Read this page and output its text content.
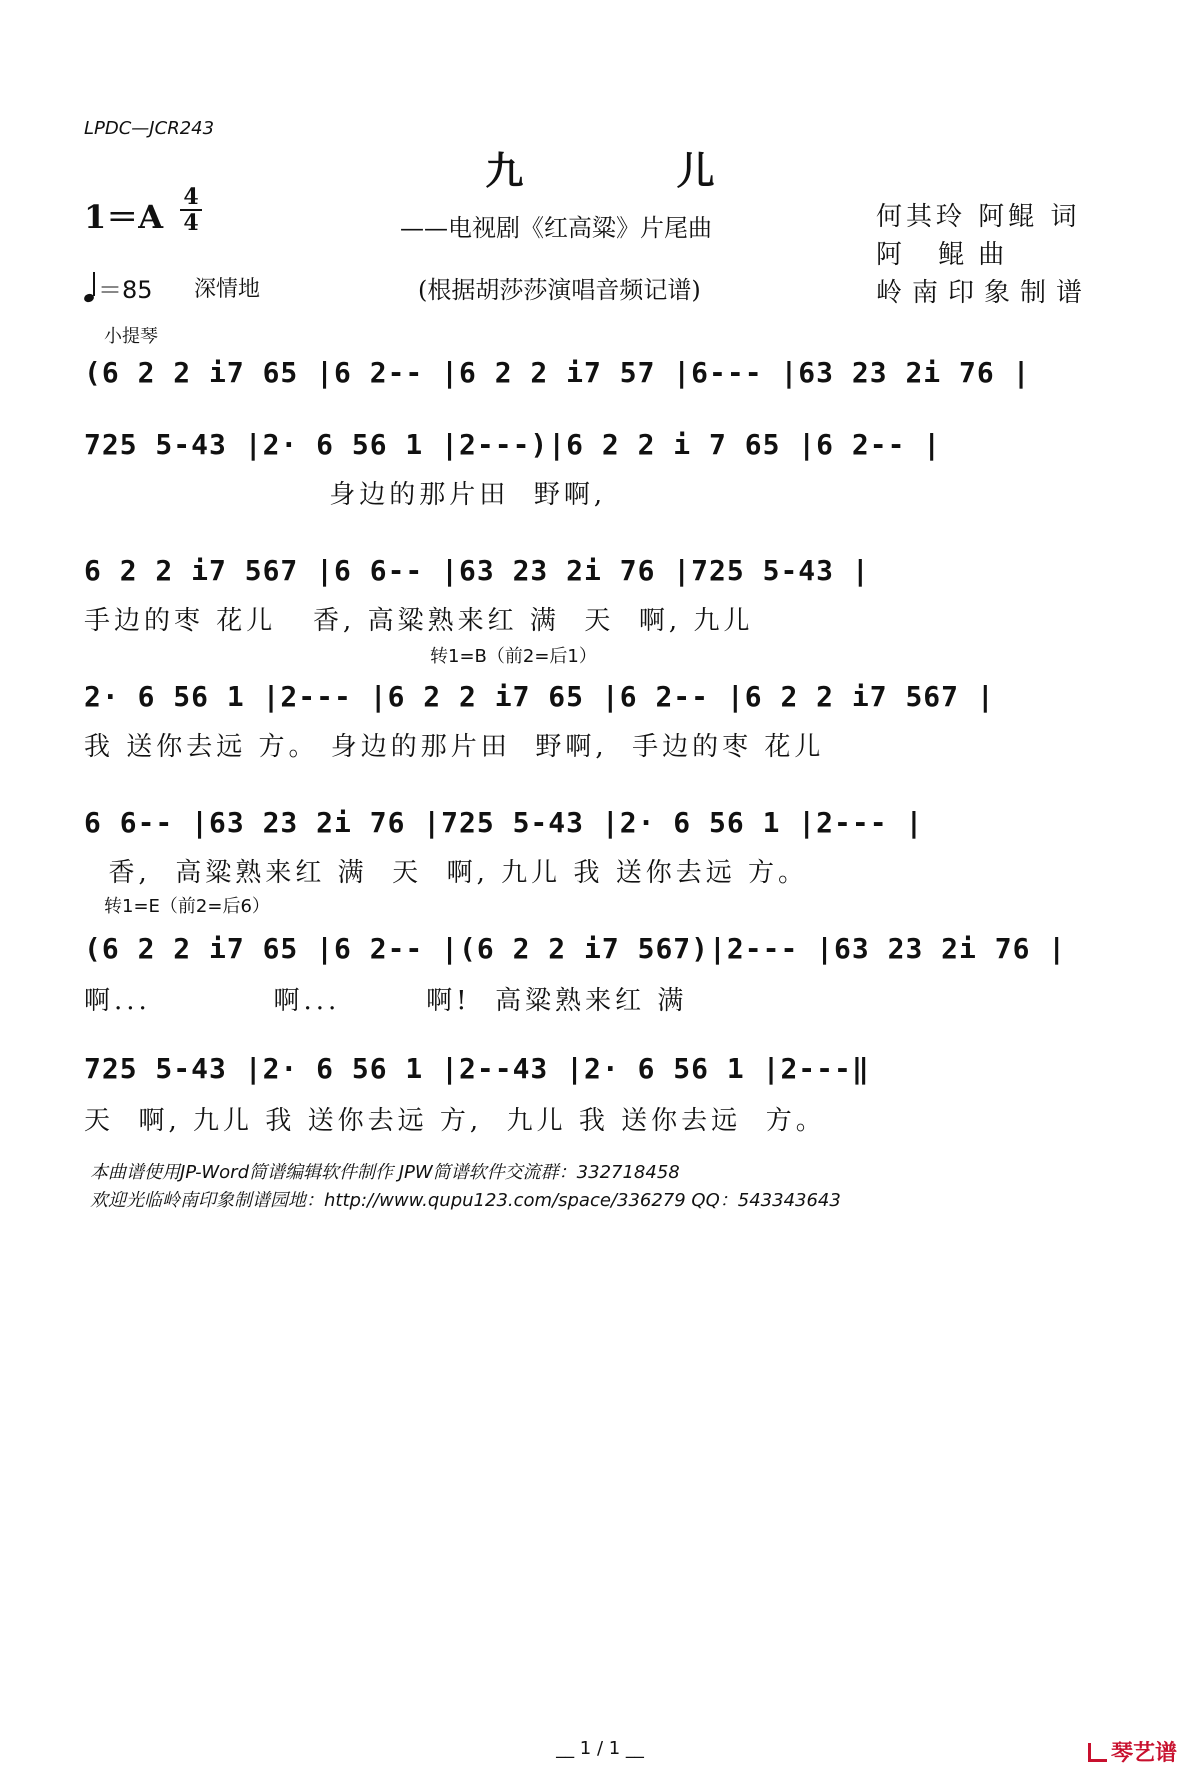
LPDC—JCR243
九 儿
1＝A
4
4	——电视剧《红高粱》片尾曲
＝85 深情地	(根据胡莎莎演唱音频记谱)
何其玲 阿鲲 词
阿 鲲曲
岭南印象制谱
小提琴
(6 2 2 i7 65 |6 2-- |6 2 2 i7 57 |6--- |63 23 2i 76 |
725 5-43 |2· 6 56 1 |2---)|6 2 2 i 7 65 |6 2-- |
身边的那片田  野啊,
6 2 2 i7 567 |6 6-- |63 23 2i 76 |725 5-43 |
手边的枣 花儿   香, 高粱熟来红 满  天  啊, 九儿
转1=B（前2=后1）
2· 6 56 1 |2--- |6 2 2 i7 65 |6 2-- |6 2 2 i7 567 |
我 送你去远 方。 身边的那片田  野啊,  手边的枣 花儿
6 6-- |63 23 2i 76 |725 5-43 |2· 6 56 1 |2--- |
香,  高粱熟来红 满  天  啊, 九儿 我 送你去远 方。
转1=E（前2=后6）
(6 2 2 i7 65 |6 2-- |(6 2 2 i7 567)|2--- |63 23 2i 76 |
啊...          啊...       啊!  高粱熟来红 满
725 5-43 |2· 6 56 1 |2--43 |2· 6 56 1 |2---‖
天  啊, 九儿 我 送你去远 方,  九儿 我 送你去远  方。
本曲谱使用JP-Word简谱编辑软件制作 JPW简谱软件交流群：332718458
欢迎光临岭南印象制谱园地：http://www.qupu123.com/space/336279 QQ：543343643
__ 1 / 1 __	琴艺谱
